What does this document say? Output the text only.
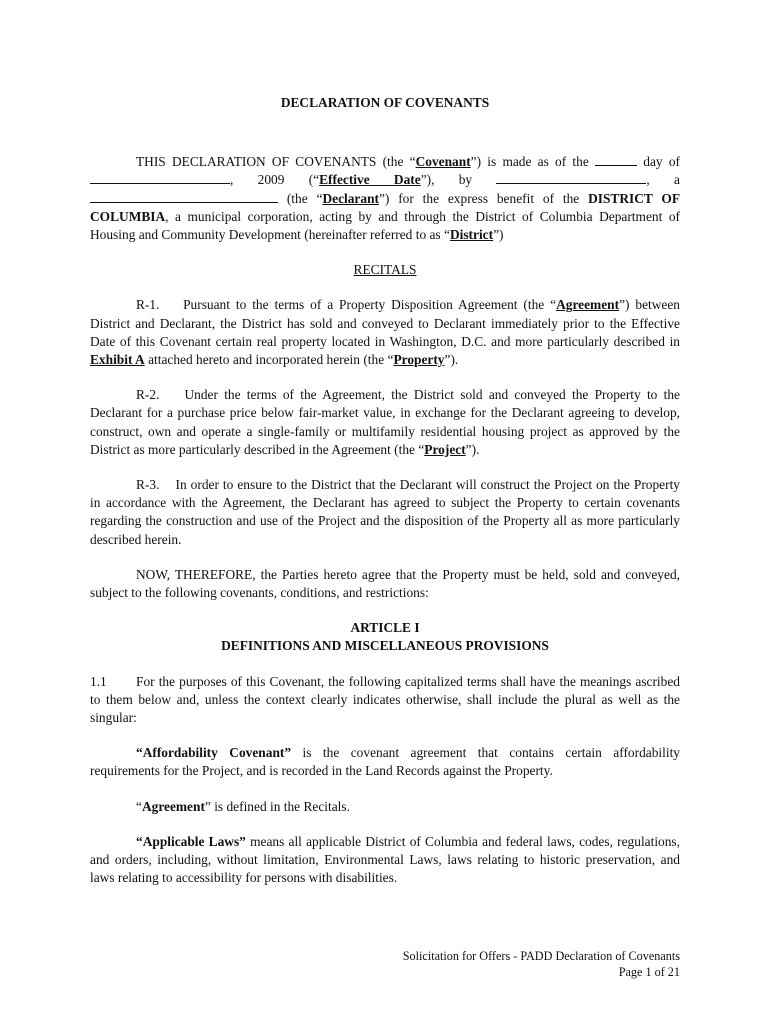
DECLARATION OF COVENANTS

THIS DECLARATION OF COVENANTS (the “Covenant”) is made as of the	day of , 2009 (“Effective Date”), by	, a  (the “Declarant”) for the express benefit of the DISTRICT OF COLUMBIA, a municipal corporation, acting by and through the District of Columbia Department of Housing and Community Development (hereinafter referred to as “District”)

RECITALS

R-1.    Pursuant to the terms of a Property Disposition Agreement (the “Agreement”) between District and Declarant, the District has sold and conveyed to Declarant immediately prior to the Effective Date of this Covenant certain real property located in Washington, D.C. and more particularly described in Exhibit A attached hereto and incorporated herein (the “Property”).

R-2.    Under the terms of the Agreement, the District sold and conveyed the Property to the Declarant for a purchase price below fair-market value, in exchange for the Declarant agreeing to develop, construct, own and operate a single-family or multifamily residential housing project as approved by the District as more particularly described in the Agreement (the “Project”).

R-3.    In order to ensure to the District that the Declarant will construct the Project on the Property in accordance with the Agreement, the Declarant has agreed to subject the Property to certain covenants regarding the construction and use of the Project and the disposition of the Property all as more particularly described herein.

NOW, THEREFORE, the Parties hereto agree that the Property must be held, sold and conveyed, subject to the following covenants, conditions, and restrictions:

ARTICLE I

DEFINITIONS AND MISCELLANEOUS PROVISIONS

1.1 For the purposes of this Covenant, the following capitalized terms shall have the meanings ascribed to them below and, unless the context clearly indicates otherwise, shall include the plural as well as the singular:

“Affordability Covenant” is the covenant agreement that contains certain affordability requirements for the Project, and is recorded in the Land Records against the Property.

“Agreement” is defined in the Recitals.

“Applicable Laws” means all applicable District of Columbia and federal laws, codes, regulations, and orders, including, without limitation, Environmental Laws, laws relating to historic preservation, and laws relating to accessibility for persons with disabilities.

Solicitation for Offers - PADD Declaration of Covenants
Page 1 of 21
